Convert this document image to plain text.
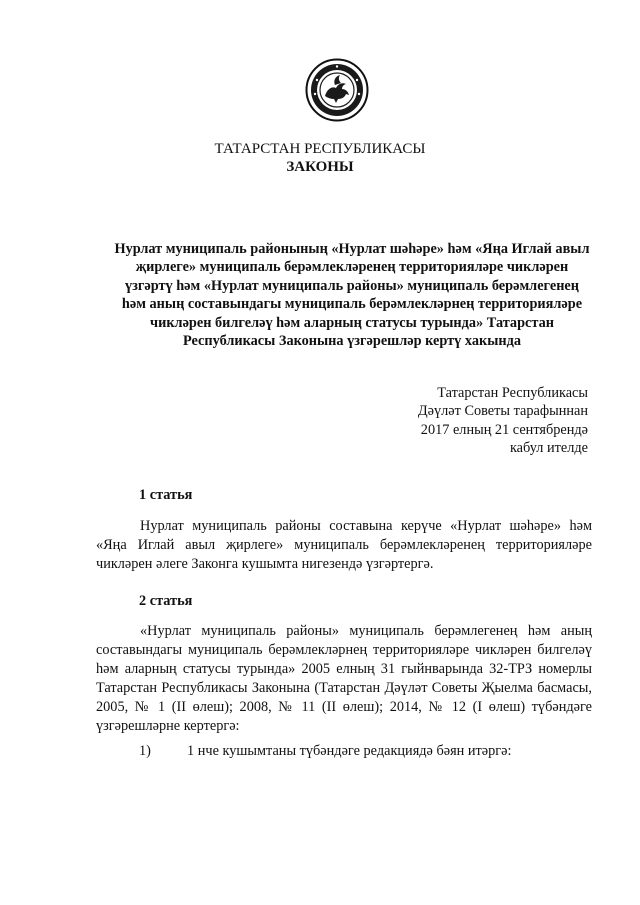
ТАТАРСТАН РЕСПУБЛИКАСЫ
ЗАКОНЫ
Нурлат муниципаль районының «Нурлат шәһәре» һәм «Яңа Иглай авыл җирлеге» муниципаль берәмлекләренең территорияләре чикләрен үзгәртү һәм «Нурлат муниципаль районы» муниципаль берәмлегенең һәм аның составындагы муниципаль берәмлекләрнең территорияләре чикләрен билгеләү һәм аларның статусы турында» Татарстан Республикасы Законына үзгәрешләр кертү хакында
Татарстан Республикасы
Дәүләт Советы тарафыннан
2017 елның 21 сентябрендә
кабул ителде
1 статья
Нурлат муниципаль районы составына керүче «Нурлат шәһәре» һәм «Яңа Иглай авыл җирлеге» муниципаль берәмлекләренең территорияләре чикләрен әлеге Законга кушымта нигезендә үзгәртергә.
2 статья
«Нурлат муниципаль районы» муниципаль берәмлегенең һәм аның составындагы муниципаль берәмлекләрнең территорияләре чикләрен билгеләү һәм аларның статусы турында» 2005 елның 31 гыйнварында 32-ТРЗ номерлы Татарстан Республикасы Законына (Татарстан Дәүләт Советы Җыелма басмасы, 2005, № 1 (II өлеш); 2008, № 11 (II өлеш); 2014, № 12 (I өлеш) түбәндәге үзгәрешләрне кертергә:
1)	1 нче кушымтаны түбәндәге редакциядә бәян итәргә:
